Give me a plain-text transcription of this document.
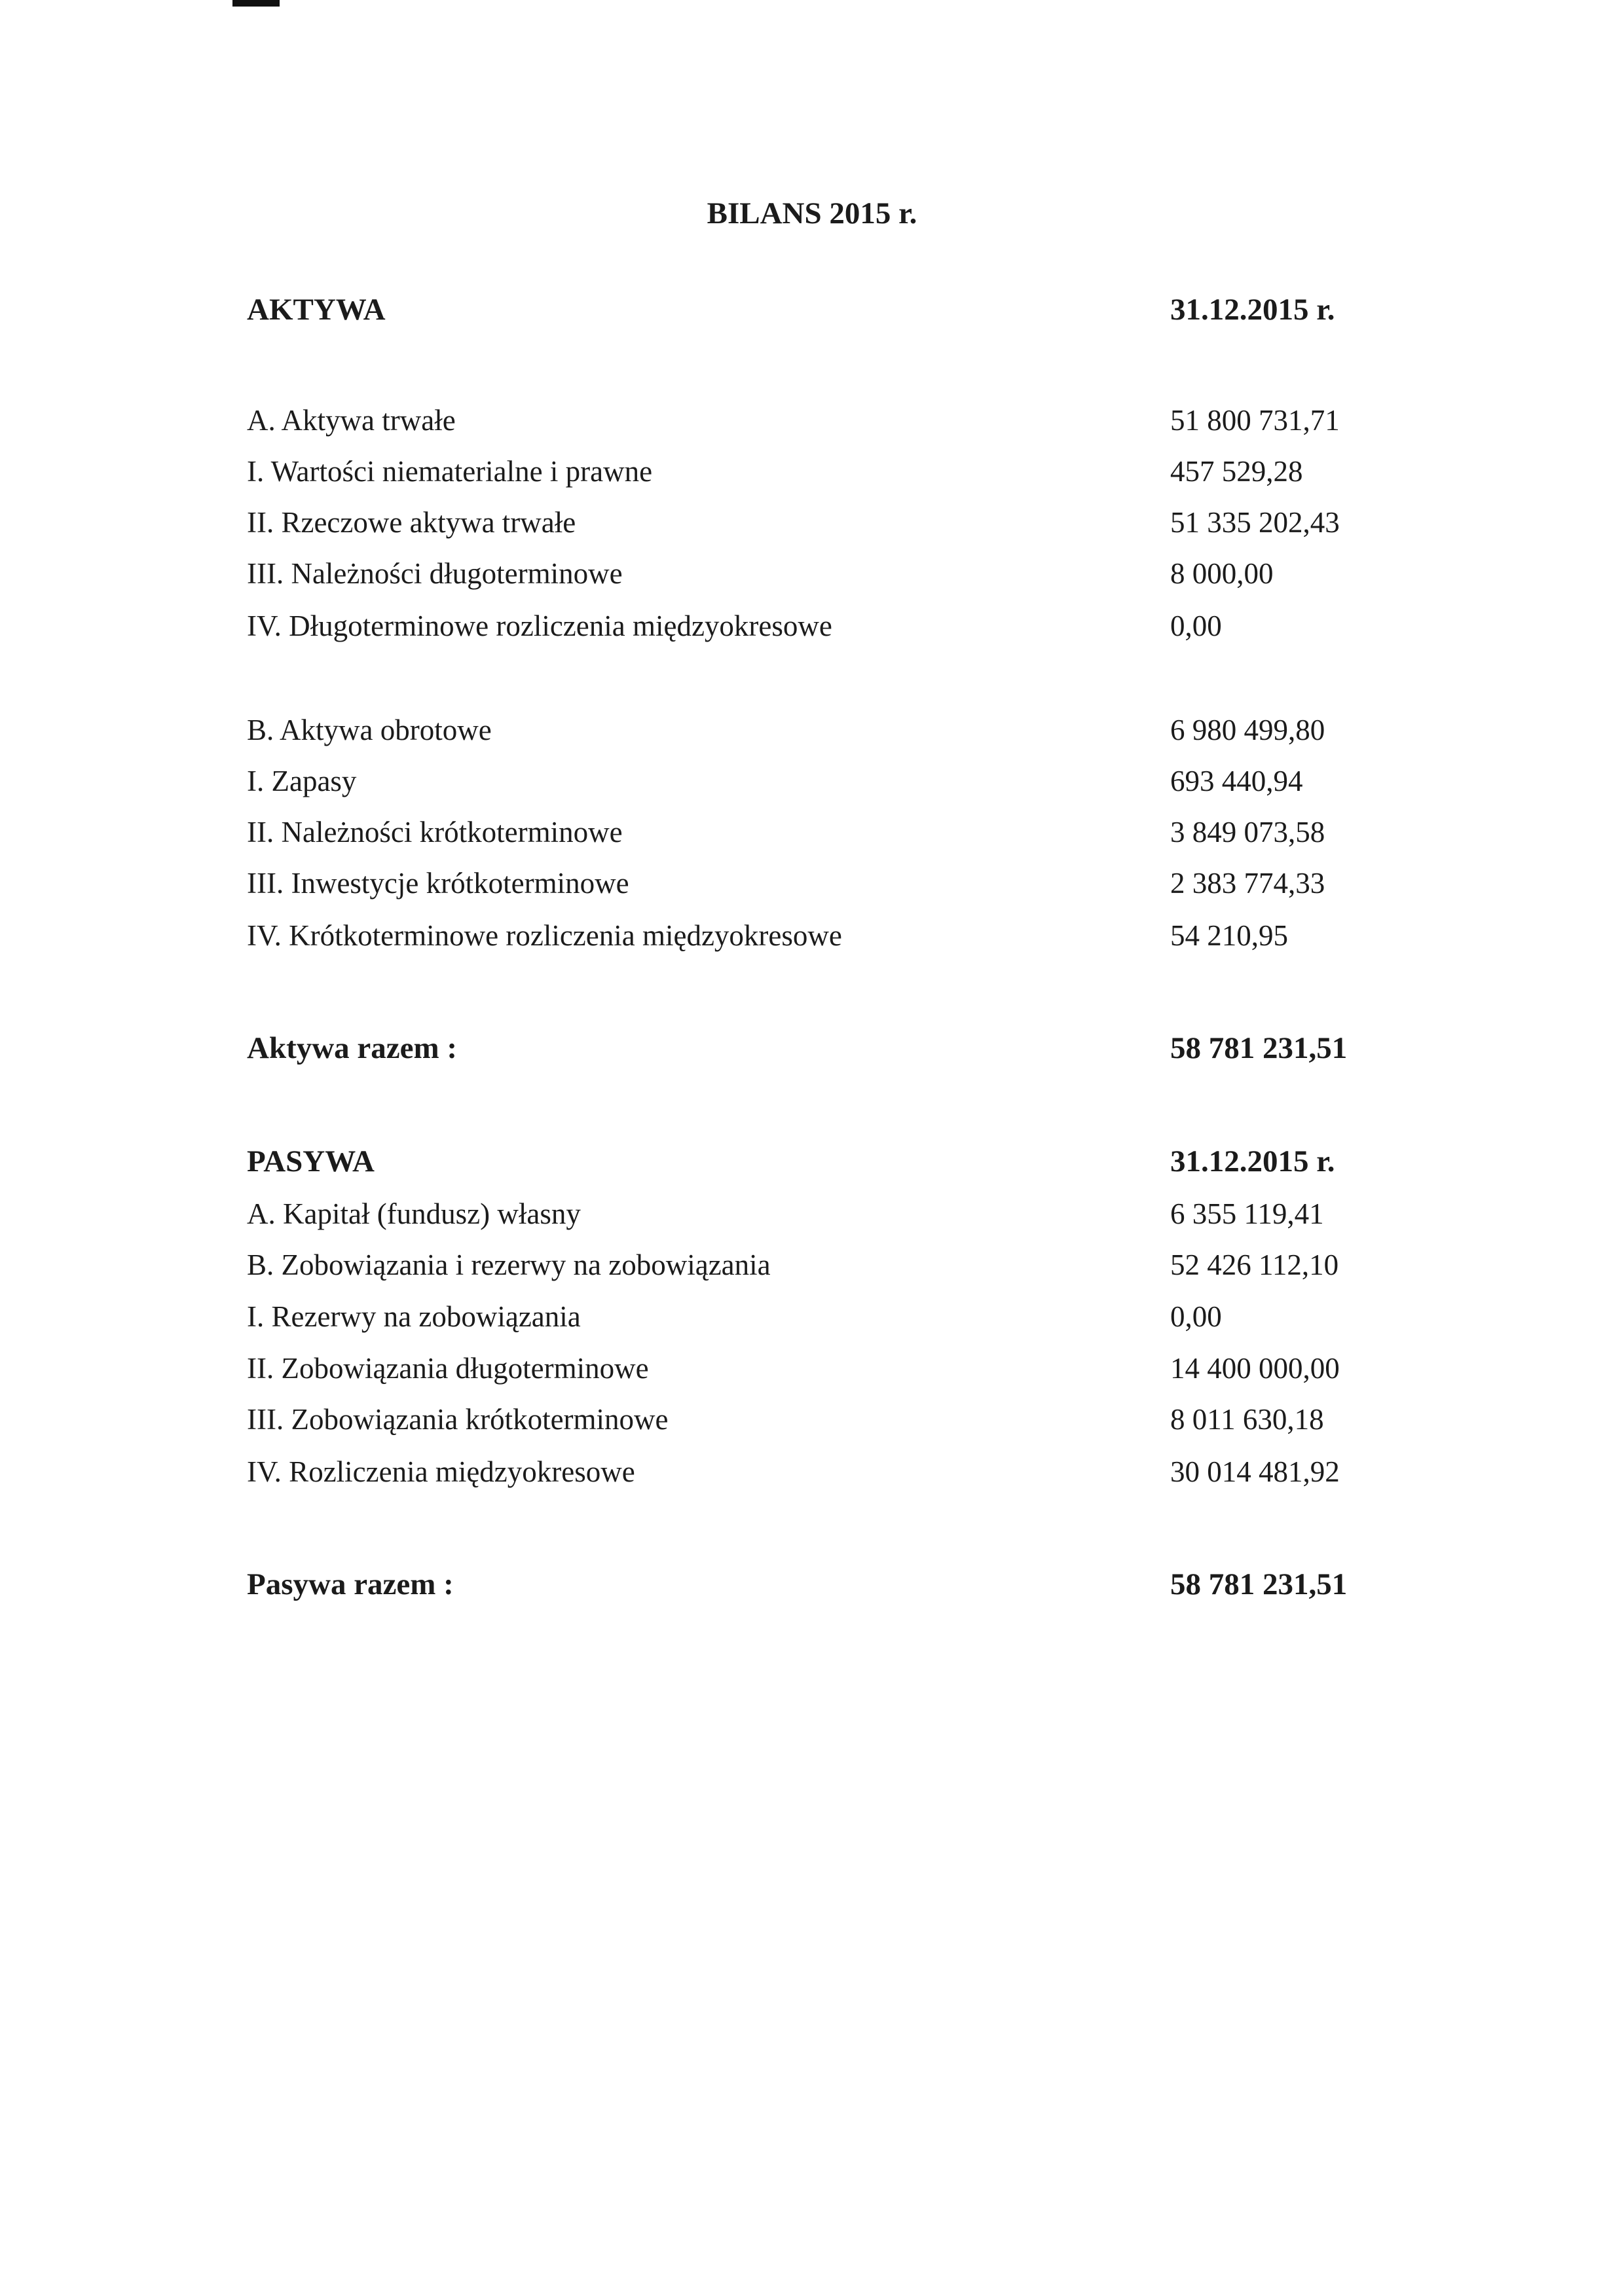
BILANS 2015 r.
AKTYWA	31.12.2015 r.
A. Aktywa trwałe	51 800 731,71
I. Wartości niematerialne i prawne	457 529,28
II. Rzeczowe aktywa trwałe	51 335 202,43
III. Należności długoterminowe	8 000,00
IV. Długoterminowe rozliczenia międzyokresowe	0,00
B. Aktywa obrotowe	6 980 499,80
I. Zapasy	693 440,94
II. Należności krótkoterminowe	3 849 073,58
III. Inwestycje krótkoterminowe	2 383 774,33
IV. Krótkoterminowe rozliczenia międzyokresowe	54 210,95
Aktywa razem :	58 781 231,51
PASYWA	31.12.2015 r.
A. Kapitał (fundusz) własny	6 355 119,41
B. Zobowiązania i rezerwy na zobowiązania	52 426 112,10
I. Rezerwy na zobowiązania	0,00
II. Zobowiązania długoterminowe	14 400 000,00
III. Zobowiązania krótkoterminowe	8 011 630,18
IV. Rozliczenia międzyokresowe	30 014 481,92
Pasywa razem :	58 781 231,51
